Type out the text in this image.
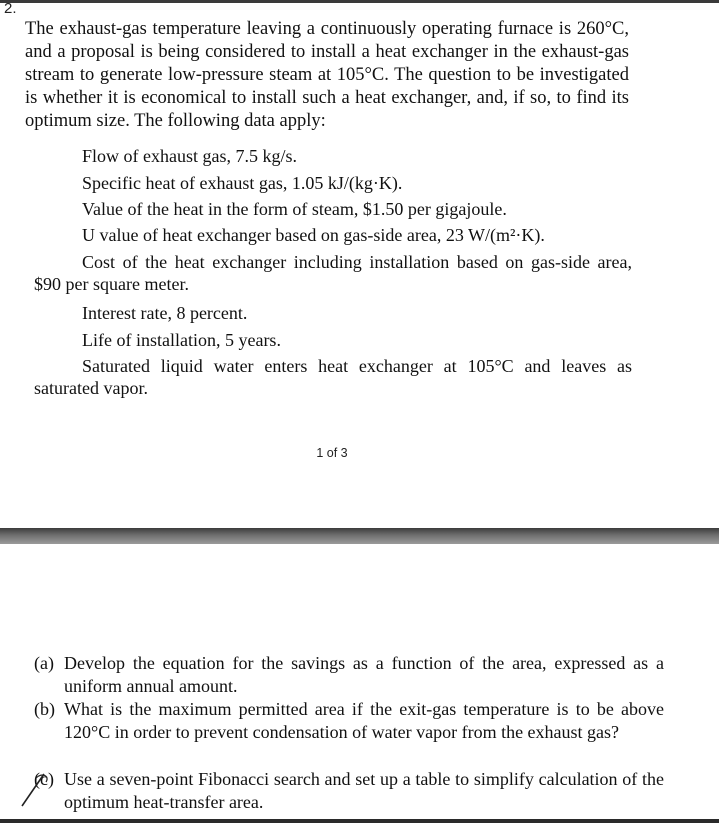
2.

The exhaust-gas temperature leaving a continuously operating furnace is 260°C, and a proposal is being considered to install a heat exchanger in the exhaust-gas stream to generate low-pressure steam at 105°C. The question to be investigated is whether it is economical to install such a heat exchanger, and, if so, to find its optimum size. The following data apply:

Flow of exhaust gas, 7.5 kg/s.

Specific heat of exhaust gas, 1.05 kJ/(kg·K).

Value of the heat in the form of steam, $1.50 per gigajoule.

U value of heat exchanger based on gas-side area, 23 W/(m²·K).

Cost of the heat exchanger including installation based on gas-side area, $90 per square meter.

Interest rate, 8 percent.

Life of installation, 5 years.

Saturated liquid water enters heat exchanger at 105°C and leaves as saturated vapor.

1 of 3

(a) Develop the equation for the savings as a function of the area, expressed as a uniform annual amount.

(b) What is the maximum permitted area if the exit-gas temperature is to be above 120°C in order to prevent condensation of water vapor from the exhaust gas?

(c) Use a seven-point Fibonacci search and set up a table to simplify calculation of the optimum heat-transfer area.
